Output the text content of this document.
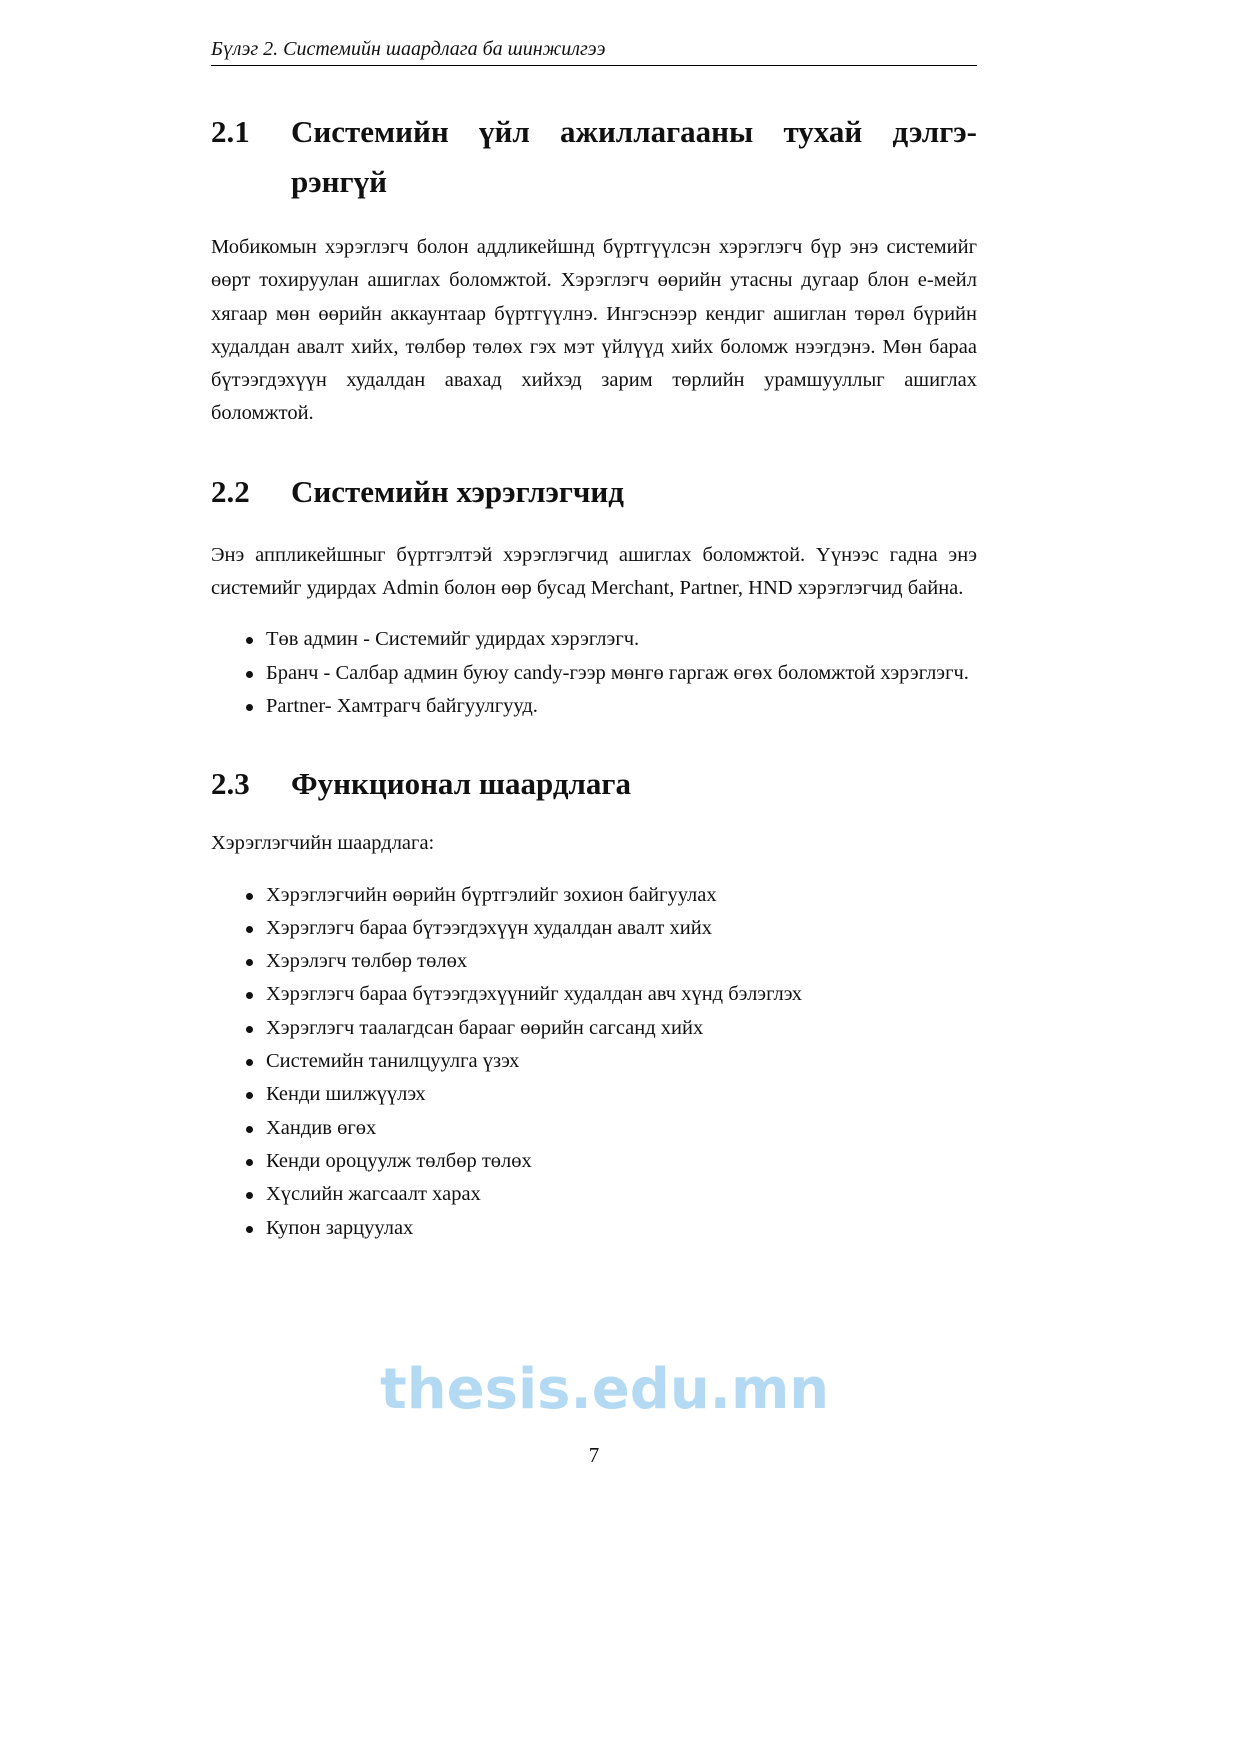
Бүлэг 2. Системийн шаардлага ба шинжилгээ
2.1	Системийн үйл ажиллагааны тухай дэлгэ-рэнгүй

Мобикомын хэрэглэгч болон аддликейшнд бүртгүүлсэн хэрэглэгч бүр энэ системийг өөрт тохируулан ашиглах боломжтой. Хэрэглэгч өөрийн утасны дугаар блон е-мейл хягаар мөн өөрийн аккаунтаар бүртгүүлнэ. Ингэснээр кендиг ашиглан төрөл бүрийн худалдан авалт хийх, төлбөр төлөх гэх мэт үйлүүд хийх боломж нээгдэнэ. Мөн бараа бүтээгдэхүүн худалдан авахад хийхэд зарим төрлийн урамшууллыг ашиглах боломжтой.

2.2	Системийн хэрэглэгчид

Энэ аппликейшныг бүртгэлтэй хэрэглэгчид ашиглах боломжтой. Үүнээс гадна энэ системийг удирдах Admin болон өөр бусад Merchant, Partner, HND хэрэглэгчид байна.

Төв админ - Системийг удирдах хэрэглэгч.
Бранч - Салбар админ буюу candy-гээр мөнгө гаргаж өгөх боломжтой хэрэглэгч.
Partner- Хамтрагч байгуулгууд.
2.3	Функционал шаардлага

Хэрэглэгчийн шаардлага:

Хэрэглэгчийн өөрийн бүртгэлийг зохион байгуулах
Хэрэглэгч бараа бүтээгдэхүүн худалдан авалт хийх
Хэрэлэгч төлбөр төлөх
Хэрэглэгч бараа бүтээгдэхүүнийг худалдан авч хүнд бэлэглэх
Хэрэглэгч таалагдсан барааг өөрийн сагсанд хийх
Системийн танилцуулга үзэх
Кенди шилжүүлэх
Хандив өгөх
Кенди ороцуулж төлбөр төлөх
Хүслийн жагсаалт харах
Купон зарцуулах
thesis.edu.mn
7
